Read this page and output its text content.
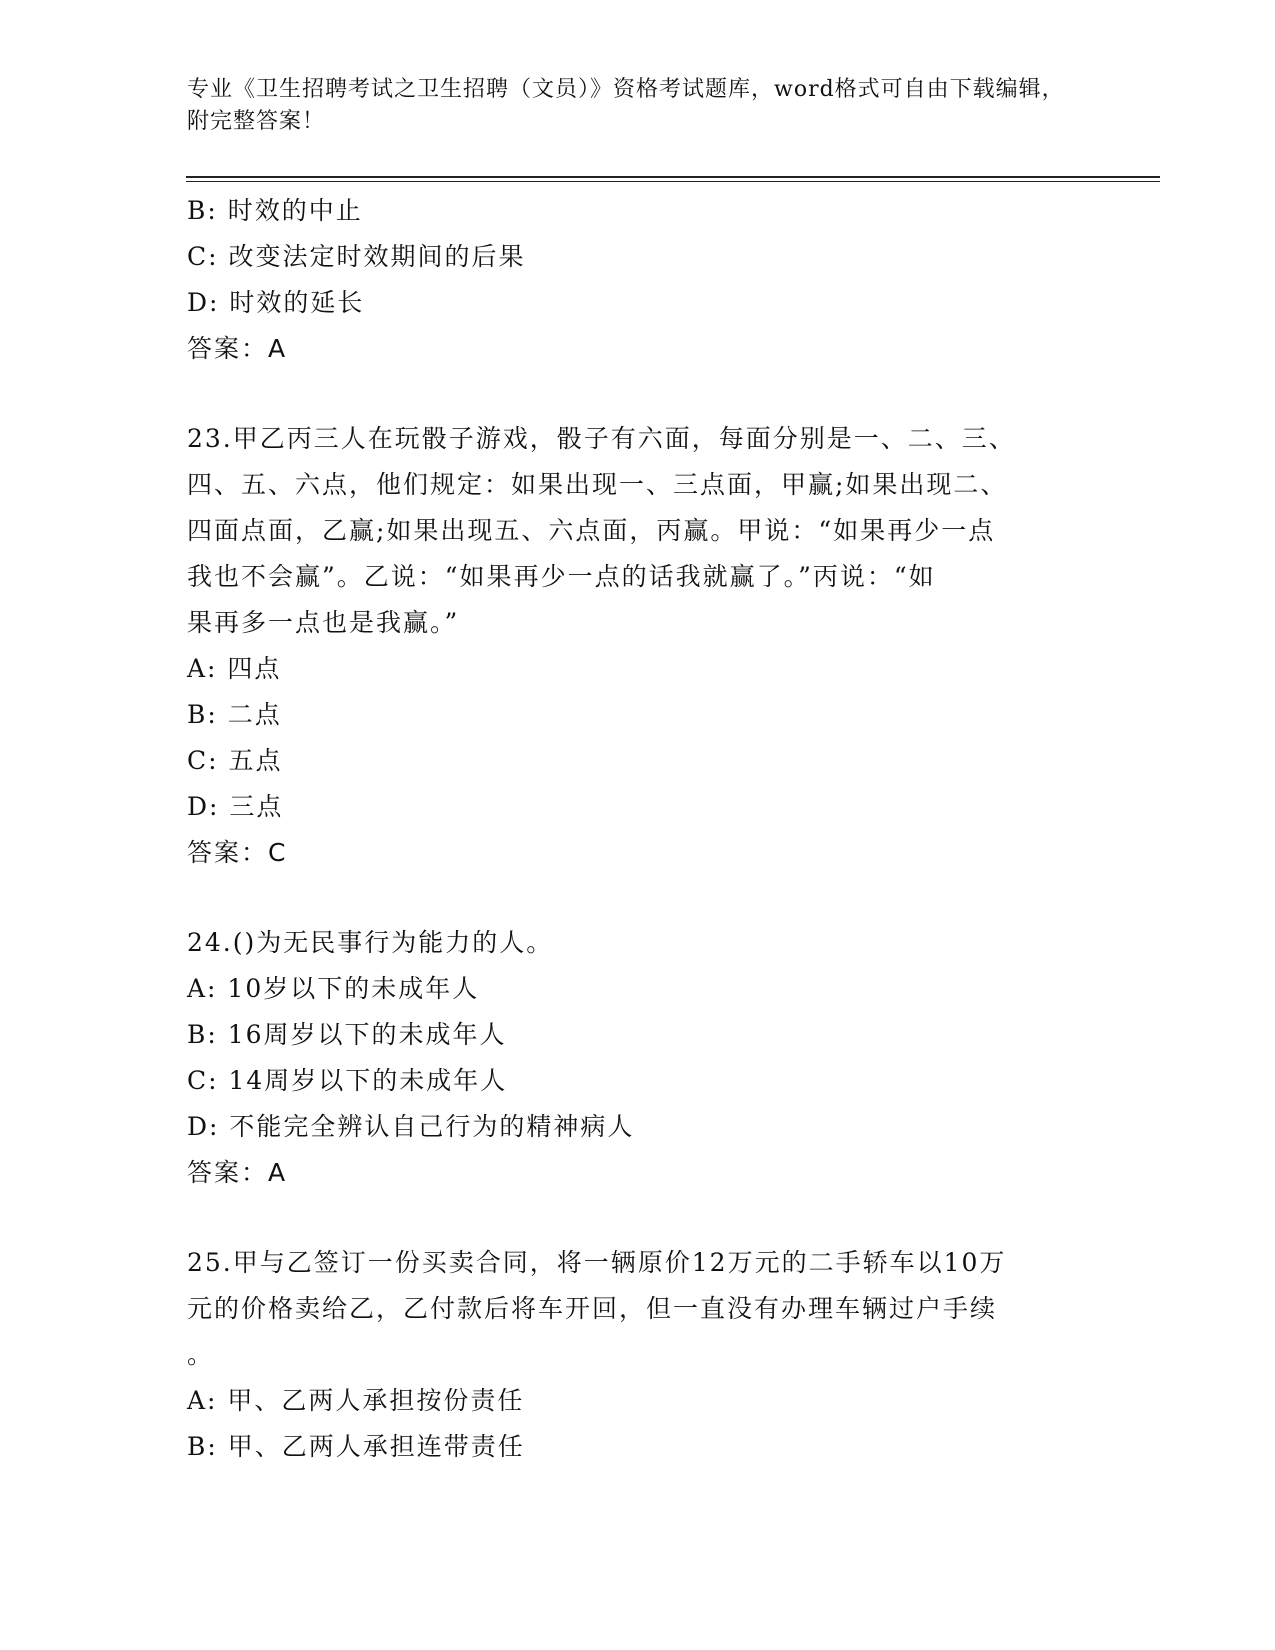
专业《卫生招聘考试之卫生招聘（文员）》资格考试题库，word格式可自由下载编辑，附完整答案！
B: 时效的中止
C: 改变法定时效期间的后果
D: 时效的延长
答案：A
23.甲乙丙三人在玩骰子游戏，骰子有六面，每面分别是一、二、三、
四、五、六点，他们规定：如果出现一、三点面，甲赢;如果出现二、
四面点面，乙赢;如果出现五、六点面，丙赢。甲说：“如果再少一点
我也不会赢”。乙说：“如果再少一点的话我就赢了。”丙说：“如
果再多一点也是我赢。”
A: 四点
B: 二点
C: 五点
D: 三点
答案：C
24.()为无民事行为能力的人。
A: 10岁以下的未成年人
B: 16周岁以下的未成年人
C: 14周岁以下的未成年人
D: 不能完全辨认自己行为的精神病人
答案：A
25.甲与乙签订一份买卖合同，将一辆原价12万元的二手轿车以10万
元的价格卖给乙，乙付款后将车开回，但一直没有办理车辆过户手续
。
A: 甲、乙两人承担按份责任
B: 甲、乙两人承担连带责任
